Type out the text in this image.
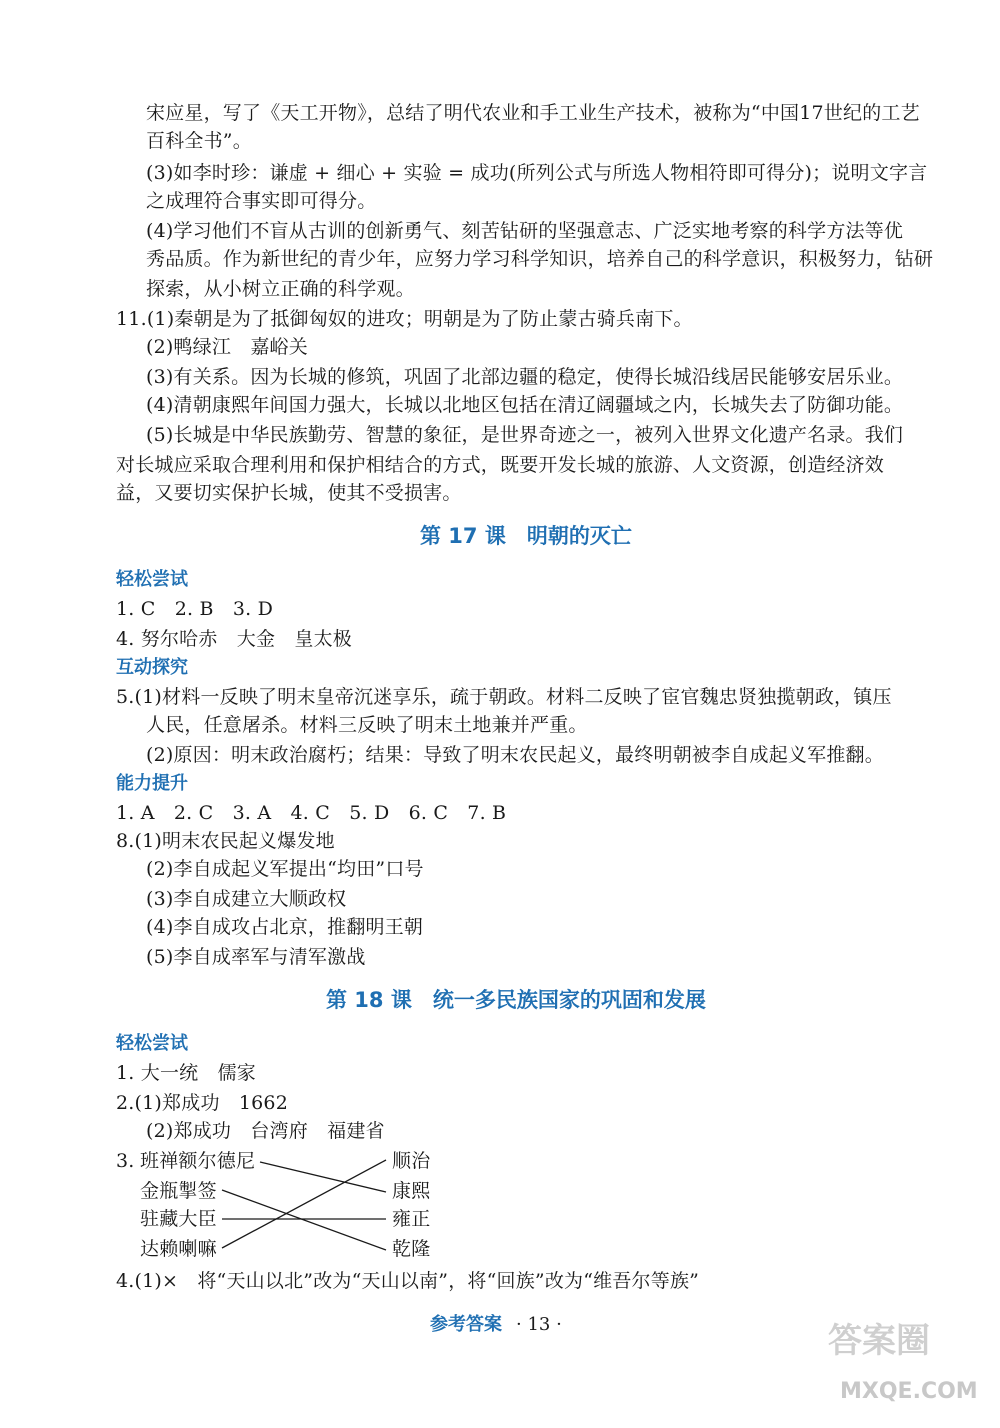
宋应星，写了《天工开物》，总结了明代农业和手工业生产技术，被称为“中国17世纪的工艺
百科全书”。
(3)如李时珍：谦虚 + 细心 + 实验 = 成功(所列公式与所选人物相符即可得分)；说明文字言
之成理符合事实即可得分。
(4)学习他们不盲从古训的创新勇气、刻苦钻研的坚强意志、广泛实地考察的科学方法等优
秀品质。作为新世纪的青少年，应努力学习科学知识，培养自己的科学意识，积极努力，钻研
探索，从小树立正确的科学观。
11.(1)秦朝是为了抵御匈奴的进攻；明朝是为了防止蒙古骑兵南下。
(2)鸭绿江　嘉峪关
(3)有关系。因为长城的修筑，巩固了北部边疆的稳定，使得长城沿线居民能够安居乐业。
(4)清朝康熙年间国力强大，长城以北地区包括在清辽阔疆域之内，长城失去了防御功能。
(5)长城是中华民族勤劳、智慧的象征，是世界奇迹之一，被列入世界文化遗产名录。我们
对长城应采取合理利用和保护相结合的方式，既要开发长城的旅游、人文资源，创造经济效
益，又要切实保护长城，使其不受损害。
第 17 课　明朝的灭亡
轻松尝试
1. C　2. B　3. D
4. 努尔哈赤　大金　皇太极
互动探究
5.(1)材料一反映了明末皇帝沉迷享乐，疏于朝政。材料二反映了宦官魏忠贤独揽朝政，镇压
人民，任意屠杀。材料三反映了明末土地兼并严重。
(2)原因：明末政治腐朽；结果：导致了明末农民起义，最终明朝被李自成起义军推翻。
能力提升
1. A　2. C　3. A　4. C　5. D　6. C　7. B
8.(1)明末农民起义爆发地
(2)李自成起义军提出“均田”口号
(3)李自成建立大顺政权
(4)李自成攻占北京，推翻明王朝
(5)李自成率军与清军激战
第 18 课　统一多民族国家的巩固和发展
轻松尝试
1. 大一统　儒家
2.(1)郑成功　1662
(2)郑成功　台湾府　福建省
3. 班禅额尔德尼
金瓶掣签
驻藏大臣
达赖喇嘛
顺治
康熙
雍正
乾隆
4.(1)×　将“天山以北”改为“天山以南”，将“回族”改为“维吾尔等族”
参考答案 · 13 ·	答案圈
MXQE.COM
